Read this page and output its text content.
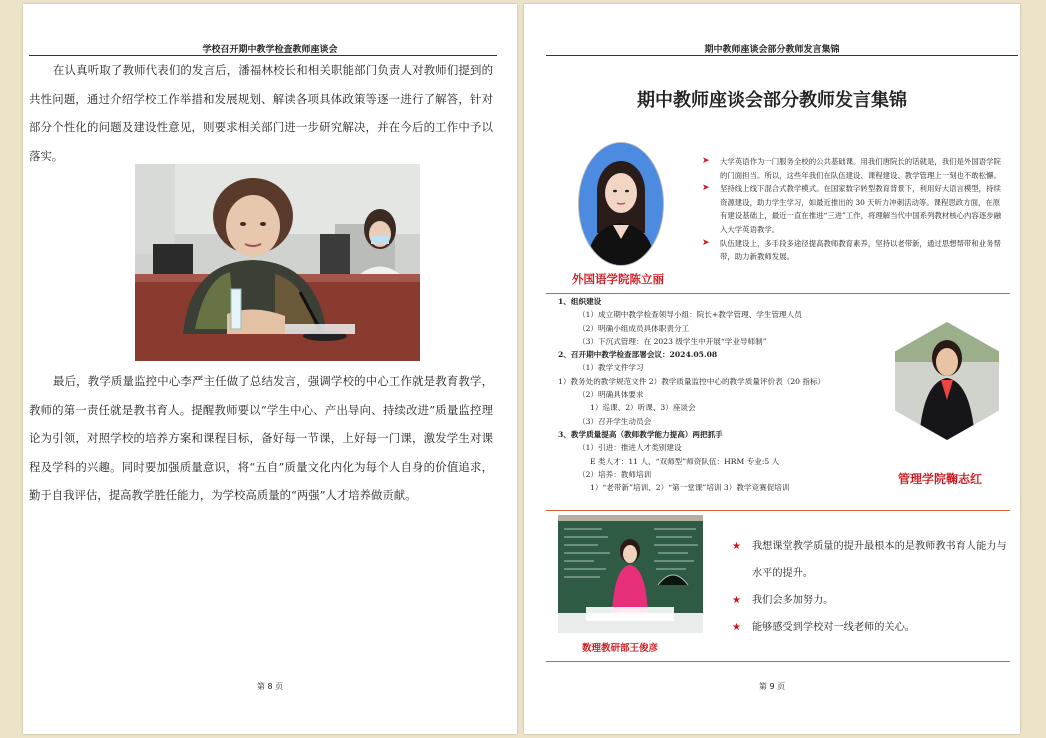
学校召开期中教学检查教师座谈会

在认真听取了教师代表们的发言后，潘福林校长和相关职能部门负责人对教师们提到的共性问题，通过介绍学校工作举措和发展规划、解读各项具体政策等逐一进行了解答，针对部分个性化的问题及建设性意见，则要求相关部门进一步研究解决，并在今后的工作中予以落实。

最后，教学质量监控中心李严主任做了总结发言，强调学校的中心工作就是教育教学，教师的第一责任就是教书育人。提醒教师要以“学生中心、产出导向、持续改进”质量监控理论为引领，对照学校的培养方案和课程目标，备好每一节课，上好每一门课，激发学生对课程及学科的兴趣。同时要加强质量意识，将“五自”质量文化内化为每个人自身的价值追求，勤于自我评估，提高教学胜任能力，为学校高质量的“两强”人才培养做贡献。

第 8 页
期中教师座谈会部分教师发言集锦
期中教师座谈会部分教师发言集锦
外国语学院陈立丽
➤ 大学英语作为一门服务全校的公共基础课。用我们唐院长的话就是，我们是外国语学院的门面担当。所以，这些年我们在队伍建设、课程建设、教学管理上一刻也不敢松懈。
➤ 坚持线上线下混合式教学模式。在国家数字转型教育背景下，利用好大语言模型，持续资源建设，助力学生学习，如最近推出的 30 天听力冲刺活动等。课程思政方面，在原有建设基础上，最近一直在推进“三进”工作，将理解当代中国系列教材核心内容逐步融入大学英语教学。
➤ 队伍建设上，多手段多途径提高教师教育素养，坚持以老带新，通过思想帮带和业务帮带，助力新教师发展。
1、组织建设
（1）成立期中教学检查领导小组：院长+教学管理、学生管理人员
（2）明确小组成员具体职责分工
（3）下沉式管理：在 2023 级学生中开展“学业导师制”
2、召开期中教学检查部署会议：2024.05.08
（1）教学文件学习
1）教务处的教学规范文件 2）教学质量监控中心的教学质量评价表（20 指标）
（2）明确具体要求
1）巡课、2）听课、3）座谈会
（3）召开学生动员会
3、教学质量提高（教师教学能力提高）两把抓手
（1）引进：推进人才类别建设
E 类人才：11 人、“双师型”师资队伍：HRM 专业:5 人
（2）培养：教师培训
1）“老带新”培训、2）“第一堂课”培训 3）教学竞赛促培训
管理学院鞠志红
数理教研部王俊彦
★ 我想课堂教学质量的提升最根本的是教师教书育人能力与水平的提升。
★ 我们会多加努力。
★ 能够感受到学校对一线老师的关心。
第 9 页
